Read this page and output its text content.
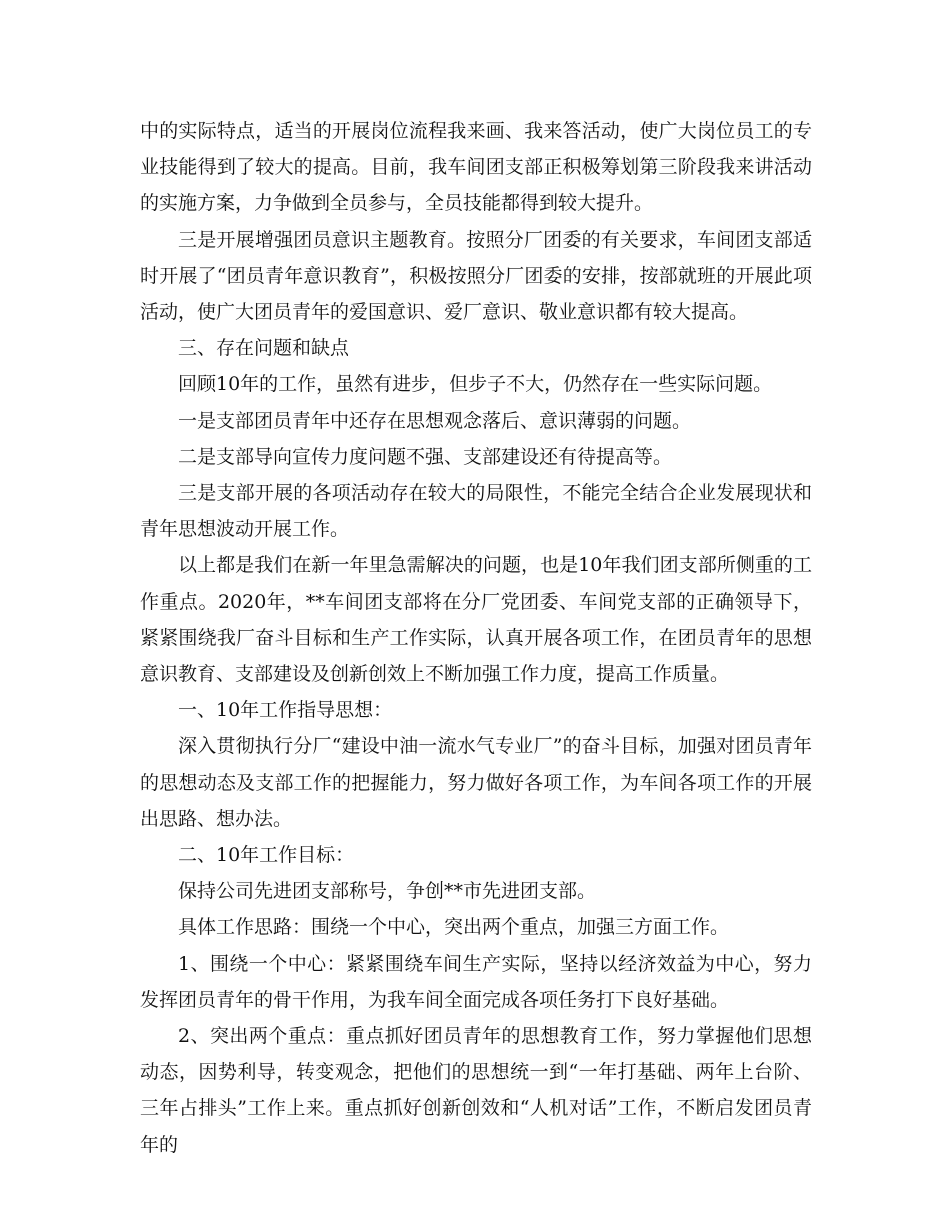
中的实际特点，适当的开展岗位流程我来画、我来答活动，使广大岗位员工的专业技能得到了较大的提高。目前，我车间团支部正积极筹划第三阶段我来讲活动的实施方案，力争做到全员参与，全员技能都得到较大提升。

三是开展增强团员意识主题教育。按照分厂团委的有关要求，车间团支部适时开展了“团员青年意识教育”，积极按照分厂团委的安排，按部就班的开展此项活动，使广大团员青年的爱国意识、爱厂意识、敬业意识都有较大提高。

三、存在问题和缺点

回顾10年的工作，虽然有进步，但步子不大，仍然存在一些实际问题。

一是支部团员青年中还存在思想观念落后、意识薄弱的问题。

二是支部导向宣传力度问题不强、支部建设还有待提高等。

三是支部开展的各项活动存在较大的局限性，不能完全结合企业发展现状和青年思想波动开展工作。

以上都是我们在新一年里急需解决的问题，也是10年我们团支部所侧重的工作重点。2020年，**车间团支部将在分厂党团委、车间党支部的正确领导下，紧紧围绕我厂奋斗目标和生产工作实际，认真开展各项工作，在团员青年的思想意识教育、支部建设及创新创效上不断加强工作力度，提高工作质量。

一、10年工作指导思想：

深入贯彻执行分厂“建设中油一流水气专业厂”的奋斗目标，加强对团员青年的思想动态及支部工作的把握能力，努力做好各项工作，为车间各项工作的开展出思路、想办法。

二、10年工作目标：

保持公司先进团支部称号，争创**市先进团支部。

具体工作思路：围绕一个中心，突出两个重点，加强三方面工作。

1、围绕一个中心：紧紧围绕车间生产实际，坚持以经济效益为中心，努力发挥团员青年的骨干作用，为我车间全面完成各项任务打下良好基础。

2、突出两个重点：重点抓好团员青年的思想教育工作，努力掌握他们思想动态，因势利导，转变观念，把他们的思想统一到“一年打基础、两年上台阶、三年占排头”工作上来。重点抓好创新创效和“人机对话”工作，不断启发团员青年的
